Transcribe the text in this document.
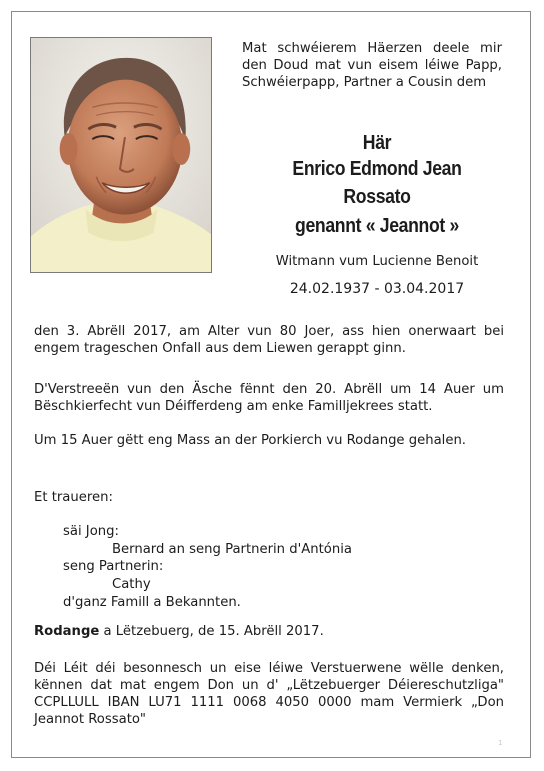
Mat schwéierem Häerzen deele mir den Doud mat vun eisem léiwe Papp, Schwéierpapp, Partner a Cousin dem
Här
Enrico Edmond Jean
Rossato
genannt « Jeannot »
Witmann vum Lucienne Benoit
24.02.1937 - 03.04.2017
den 3. Abrëll 2017, am Alter vun 80 Joer, ass hien onerwaart bei engem trageschen Onfall aus dem Liewen gerappt ginn.
D'Verstreeën vun den Äsche fënnt den 20. Abrëll um 14 Auer um Bëschkierfecht vun Déifferdeng am enke Familljekrees statt.
Um 15 Auer gëtt eng Mass an der Porkierch vu Rodange gehalen.
Et traueren:
säi Jong:
Bernard an seng Partnerin d'Antónia
seng Partnerin:
Cathy
d'ganz Famill a Bekannten.
Rodange a Lëtzebuerg, de 15. Abrëll 2017.
Déi Léit déi besonnesch un eise léiwe Verstuerwene wëlle denken, kënnen dat mat engem Don un d' „Lëtzebuerger Déiereschutzliga" CCPLLULL IBAN LU71 1111 0068 4050 0000 mam Vermierk „Don Jeannot Rossato"
1
